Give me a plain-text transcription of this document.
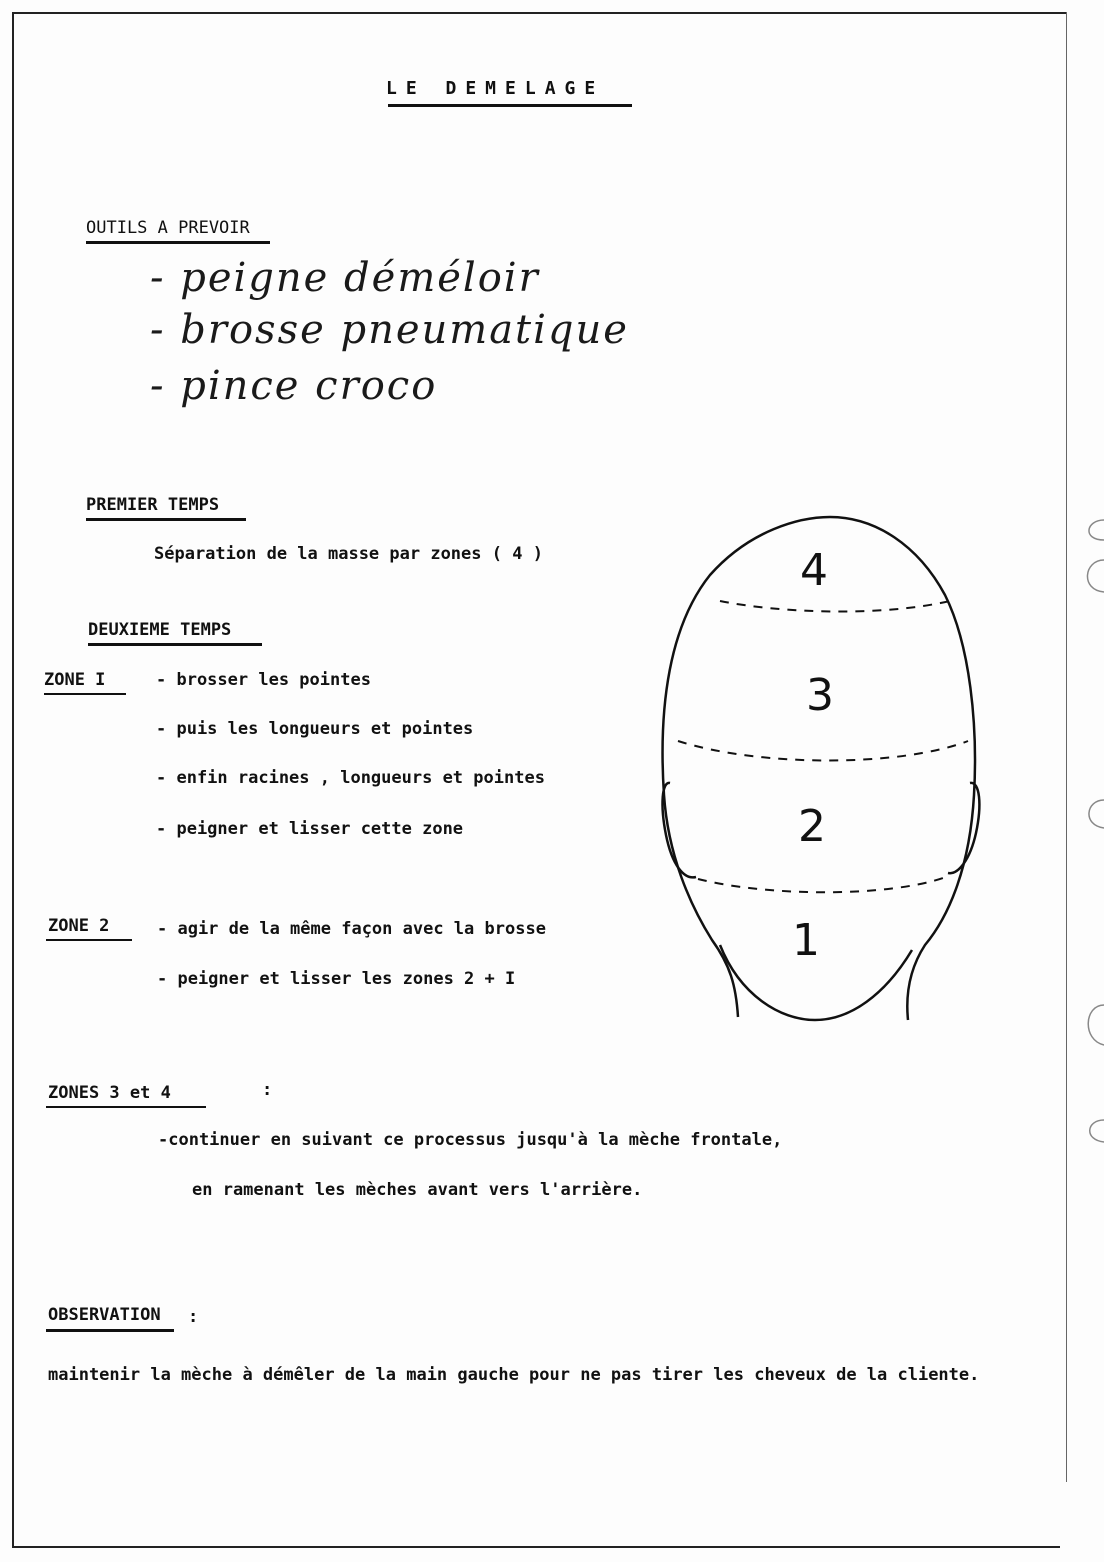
LE DEMELAGE
OUTILS A PREVOIR
- peigne déméloir
- brosse pneumatique
- pince croco
PREMIER TEMPS
Séparation de la masse par zones ( 4 )
DEUXIEME TEMPS
ZONE I	- brosser les pointes
- puis les longueurs et pointes
- enfin racines , longueurs et pointes
- peigner et lisser cette zone
ZONE 2	- agir de la même façon avec la brosse
- peigner et lisser les zones 2 + I
ZONES 3 et 4	:
-continuer en suivant ce processus jusqu'à la mèche frontale,
en ramenant les mèches avant vers l'arrière.
OBSERVATION :
maintenir la mèche à démêler de la main gauche pour ne pas tirer les cheveux de la cliente.
4
3
2
1
